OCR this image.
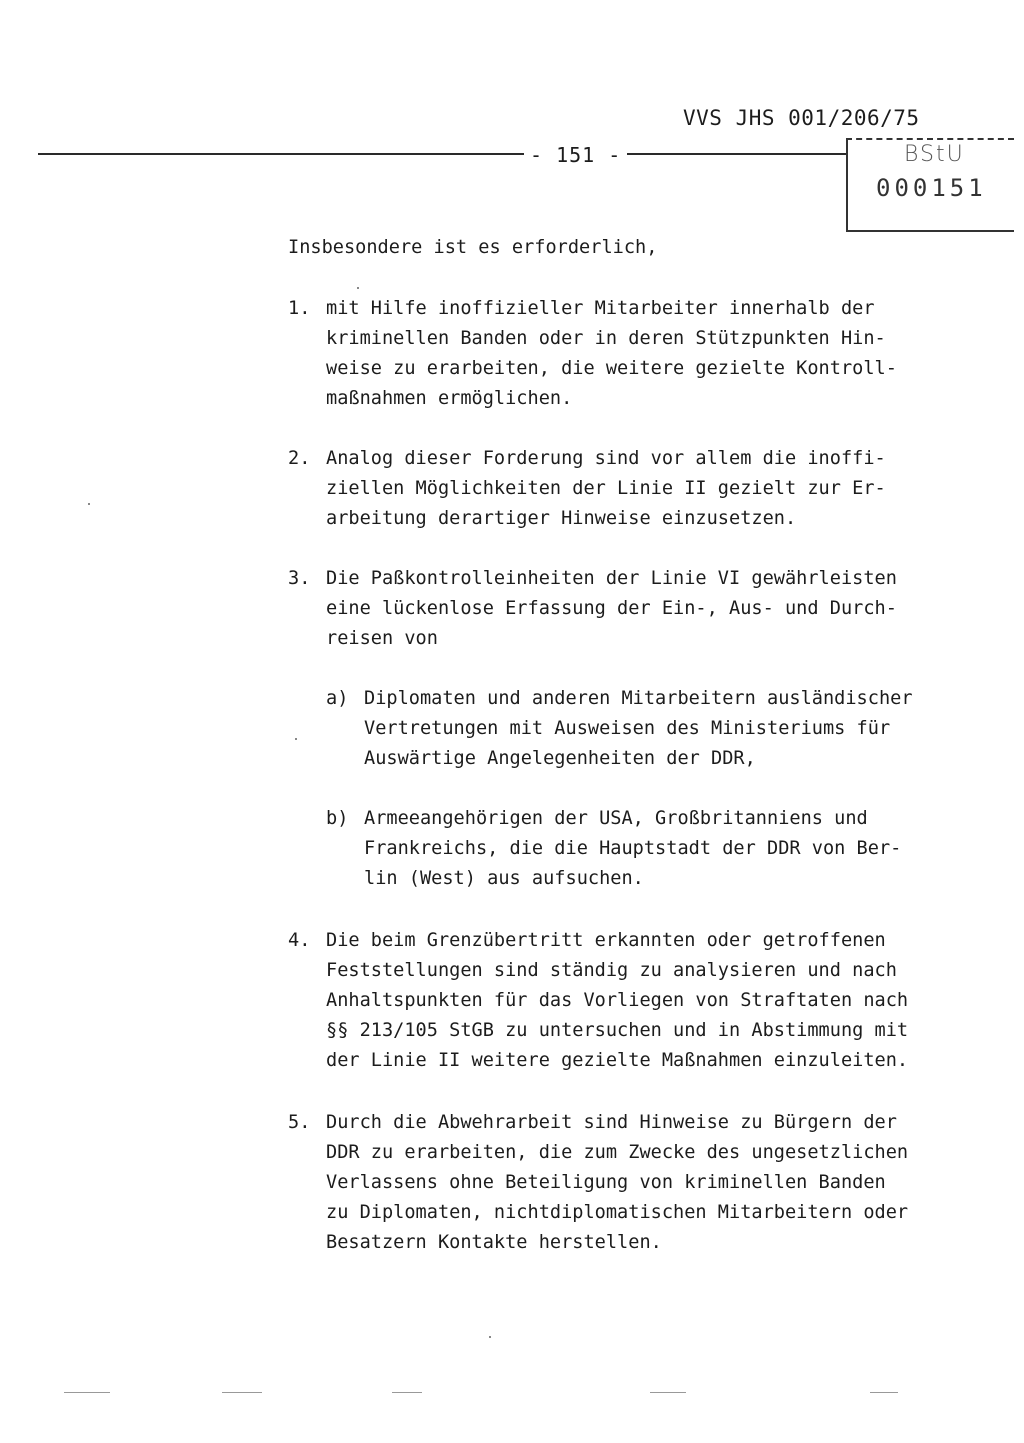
VVS JHS 001/206/75
- 151 -	BStU
000151
Insbesondere ist es erforderlich,
1. mit Hilfe inoffizieller Mitarbeiter innerhalb der
kriminellen Banden oder in deren Stützpunkten Hin-
weise zu erarbeiten, die weitere gezielte Kontroll-
maßnahmen ermöglichen.
2. Analog dieser Forderung sind vor allem die inoffi-
ziellen Möglichkeiten der Linie II gezielt zur Er-
arbeitung derartiger Hinweise einzusetzen.
3. Die Paßkontrolleinheiten der Linie VI gewährleisten
eine lückenlose Erfassung der Ein-, Aus- und Durch-
reisen von
a) Diplomaten und anderen Mitarbeitern ausländischer
Vertretungen mit Ausweisen des Ministeriums für
Auswärtige Angelegenheiten der DDR,
b) Armeeangehörigen der USA, Großbritanniens und
Frankreichs, die die Hauptstadt der DDR von Ber-
lin (West) aus aufsuchen.
4. Die beim Grenzübertritt erkannten oder getroffenen
Feststellungen sind ständig zu analysieren und nach
Anhaltspunkten für das Vorliegen von Straftaten nach
§§ 213/105 StGB zu untersuchen und in Abstimmung mit
der Linie II weitere gezielte Maßnahmen einzuleiten.
5. Durch die Abwehrarbeit sind Hinweise zu Bürgern der
DDR zu erarbeiten, die zum Zwecke des ungesetzlichen
Verlassens ohne Beteiligung von kriminellen Banden
zu Diplomaten, nichtdiplomatischen Mitarbeitern oder
Besatzern Kontakte herstellen.
